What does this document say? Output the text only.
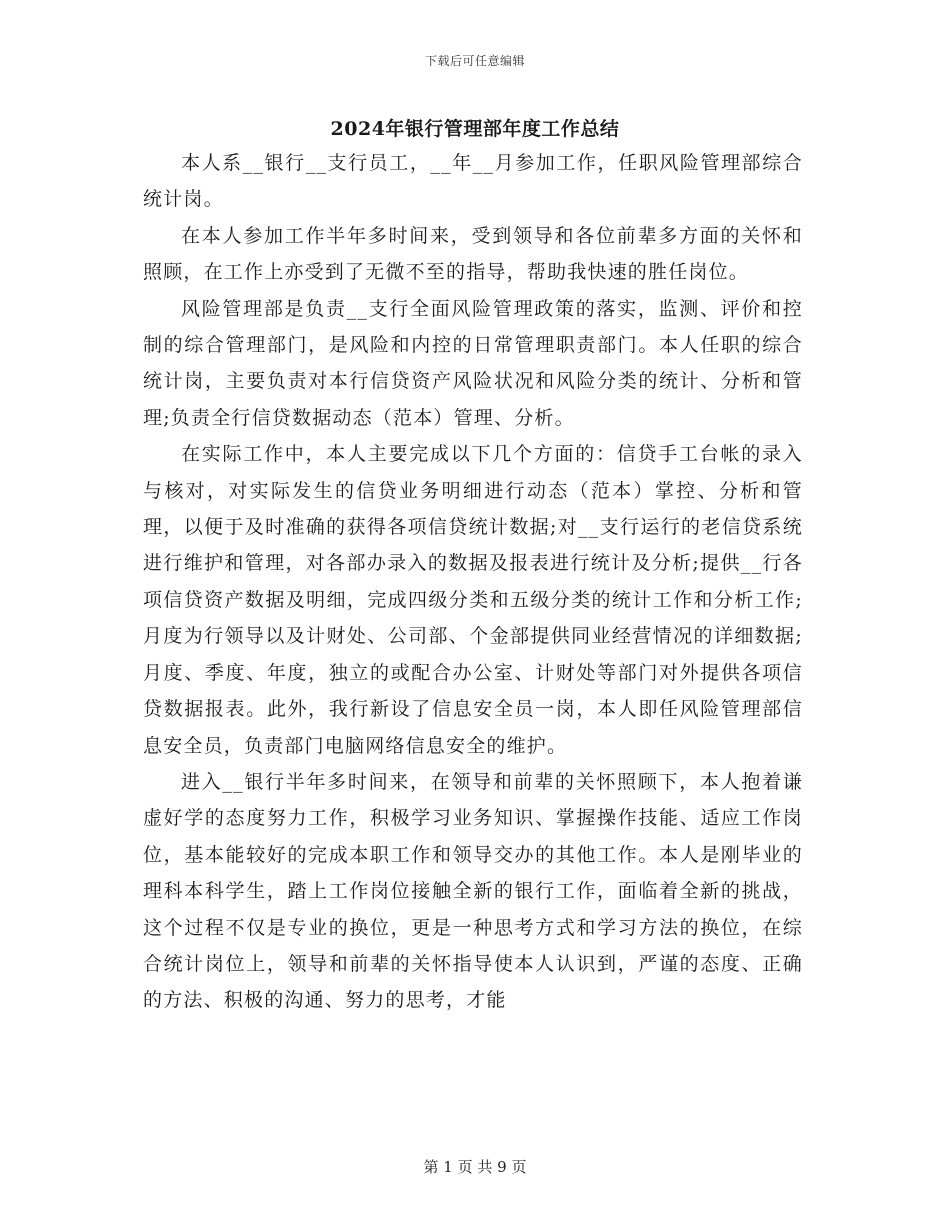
下载后可任意编辑
2024年银行管理部年度工作总结

本人系__银行__支行员工，__年__月参加工作，任职风险管理部综合统计岗。

在本人参加工作半年多时间来，受到领导和各位前辈多方面的关怀和照顾，在工作上亦受到了无微不至的指导，帮助我快速的胜任岗位。

风险管理部是负责__支行全面风险管理政策的落实，监测、评价和控制的综合管理部门，是风险和内控的日常管理职责部门。本人任职的综合统计岗，主要负责对本行信贷资产风险状况和风险分类的统计、分析和管理;负责全行信贷数据动态（范本）管理、分析。

在实际工作中，本人主要完成以下几个方面的：信贷手工台帐的录入与核对，对实际发生的信贷业务明细进行动态（范本）掌控、分析和管理，以便于及时准确的获得各项信贷统计数据;对__支行运行的老信贷系统进行维护和管理，对各部办录入的数据及报表进行统计及分析;提供__行各项信贷资产数据及明细，完成四级分类和五级分类的统计工作和分析工作;月度为行领导以及计财处、公司部、个金部提供同业经营情况的详细数据;月度、季度、年度，独立的或配合办公室、计财处等部门对外提供各项信贷数据报表。此外，我行新设了信息安全员一岗，本人即任风险管理部信息安全员，负责部门电脑网络信息安全的维护。

进入__银行半年多时间来，在领导和前辈的关怀照顾下，本人抱着谦虚好学的态度努力工作，积极学习业务知识、掌握操作技能、适应工作岗位，基本能较好的完成本职工作和领导交办的其他工作。本人是刚毕业的理科本科学生，踏上工作岗位接触全新的银行工作，面临着全新的挑战，这个过程不仅是专业的换位，更是一种思考方式和学习方法的换位，在综合统计岗位上，领导和前辈的关怀指导使本人认识到，严谨的态度、正确的方法、积极的沟通、努力的思考，才能

第 1 页 共 9 页
